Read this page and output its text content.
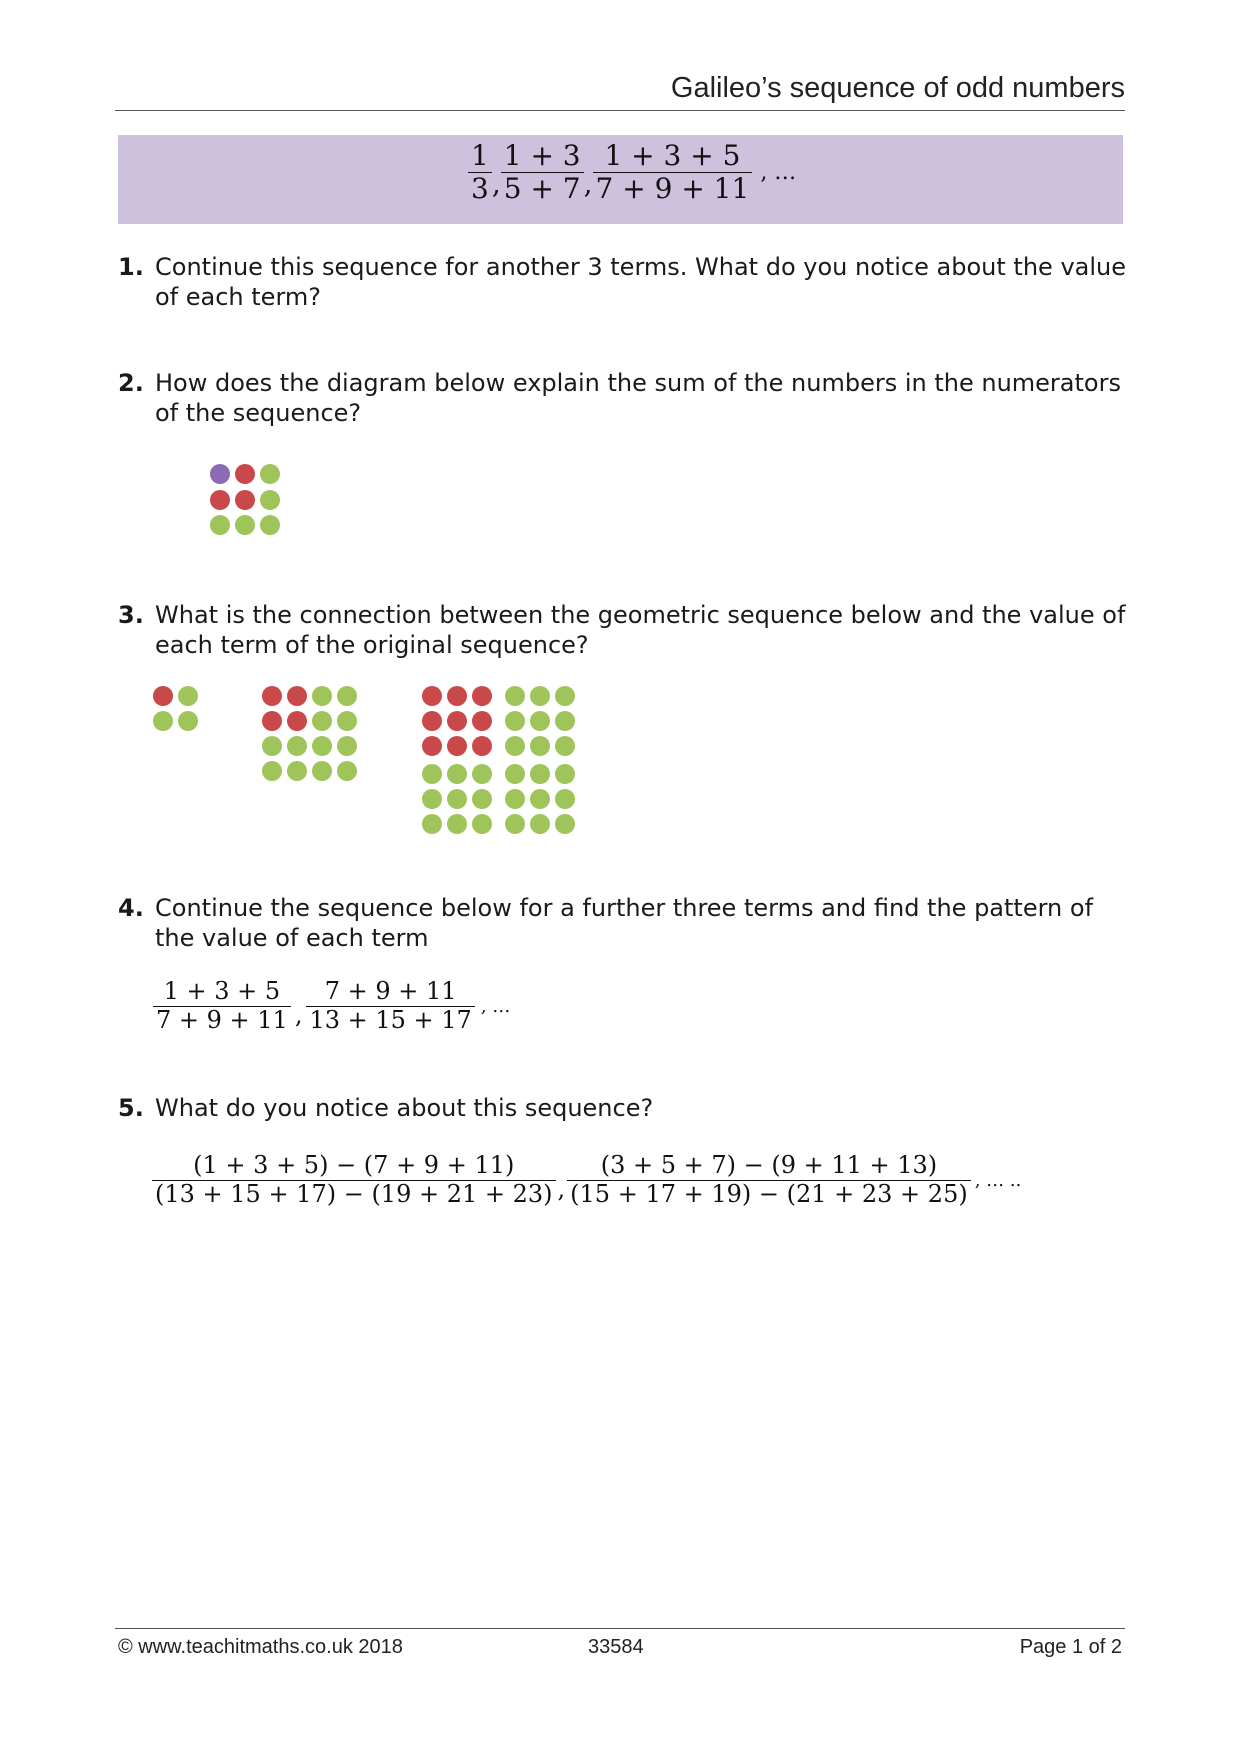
Galileo’s sequence of odd numbers
$\frac{1}{3}$ , $\frac{1 + 3}{5 + 7}$ , $\frac{1 + 3 + 5}{7 + 9 + 11}$ , …
1. Continue this sequence for another 3 terms. What do you notice about the value of each term?
2. How does the diagram below explain the sum of the numbers in the numerators of the sequence?
3. What is the connection between the geometric sequence below and the value of each term of the original sequence?
4. Continue the sequence below for a further three terms and find the pattern of the value of each term
$\frac{1 + 3 + 5}{7 + 9 + 11}$ , $\frac{7 + 9 + 11}{13 + 15 + 17}$ , …
5. What do you notice about this sequence?
$\frac{(1 + 3 + 5) - (7 + 9 + 11)}{(13 + 15 + 17) - (19 + 21 + 23)}$ , $\frac{(3 + 5 + 7) - (9 + 11 + 13)}{(15 + 17 + 19) - (21 + 23 + 25)}$ , … ..
© www.teachitmaths.co.uk 2018	33584	Page 1 of 2
